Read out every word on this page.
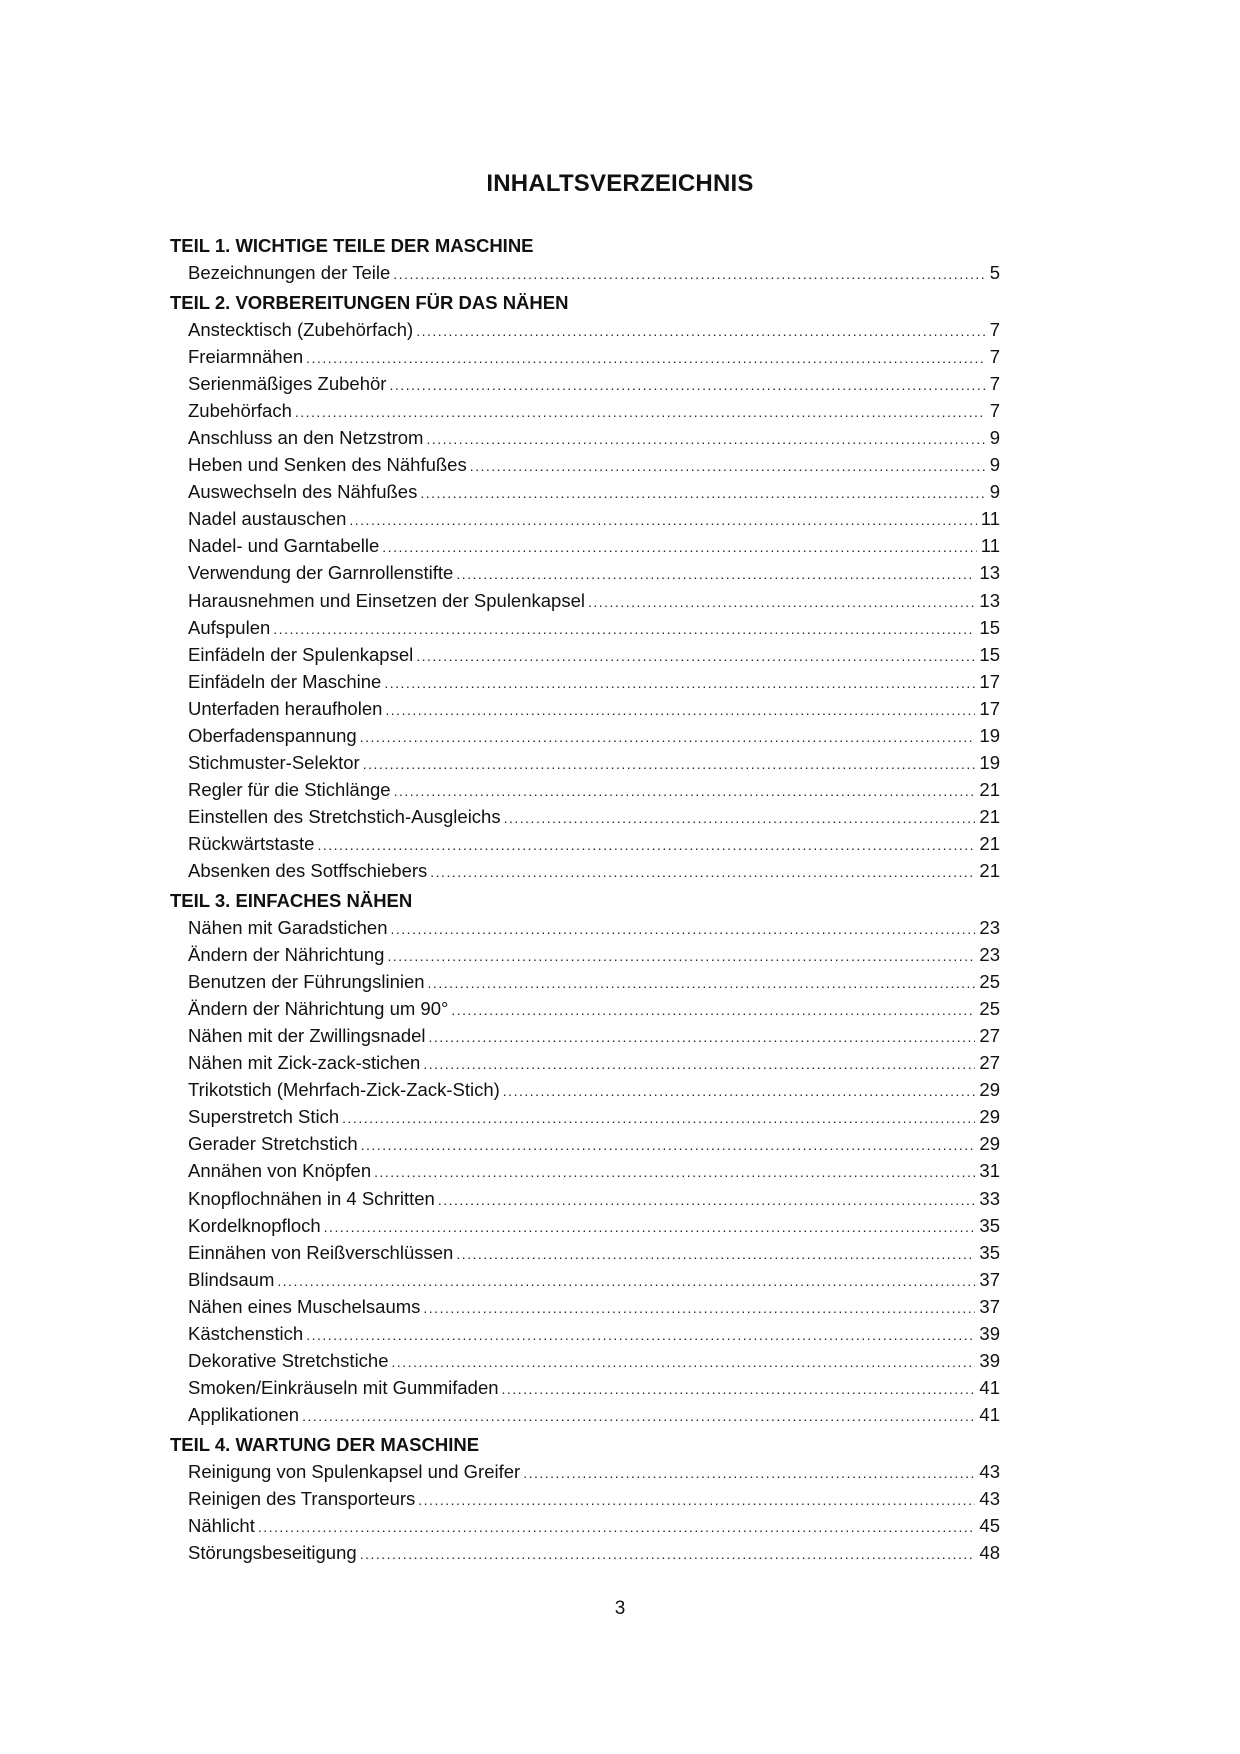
INHALTSVERZEICHNIS
TEIL 1. WICHTIGE TEILE DER MASCHINE
Bezeichnungen der Teile .....	5
TEIL 2. VORBEREITUNGEN FÜR DAS NÄHEN
Anstecktisch (Zubehörfach) .....	7
Freiarmnähen .....	7
Serienmäßiges Zubehör .....	7
Zubehörfach .....	7
Anschluss an den Netzstrom .....	9
Heben und Senken des Nähfußes .....	9
Auswechseln des Nähfußes .....	9
Nadel austauschen .....	11
Nadel- und Garntabelle .....	11
Verwendung der Garnrollenstifte .....	13
Harausnehmen und Einsetzen der Spulenkapsel .....	13
Aufspulen .....	15
Einfädeln der Spulenkapsel .....	15
Einfädeln der Maschine .....	17
Unterfaden heraufholen .....	17
Oberfadenspannung .....	19
Stichmuster-Selektor .....	19
Regler für die Stichlänge .....	21
Einstellen des Stretchstich-Ausgleichs .....	21
Rückwärtstaste .....	21
Absenken des Sotffschiebers .....	21
TEIL 3. EINFACHES NÄHEN
Nähen mit Garadstichen .....	23
Ändern der Nährichtung .....	23
Benutzen der Führungslinien .....	25
Ändern der Nährichtung um 90° .....	25
Nähen mit der Zwillingsnadel .....	27
Nähen mit Zick-zack-stichen .....	27
Trikotstich (Mehrfach-Zick-Zack-Stich) .....	29
Superstretch Stich .....	29
Gerader Stretchstich .....	29
Annähen von Knöpfen .....	31
Knopflochnähen in 4 Schritten .....	33
Kordelknopfloch .....	35
Einnähen von Reißverschlüssen .....	35
Blindsaum .....	37
Nähen eines Muschelsaums .....	37
Kästchenstich .....	39
Dekorative Stretchstiche .....	39
Smoken/Einkräuseln mit Gummifaden .....	41
Applikationen .....	41
TEIL 4. WARTUNG DER MASCHINE
Reinigung von Spulenkapsel und Greifer .....	43
Reinigen des Transporteurs .....	43
Nählicht .....	45
Störungsbeseitigung .....	48
3
